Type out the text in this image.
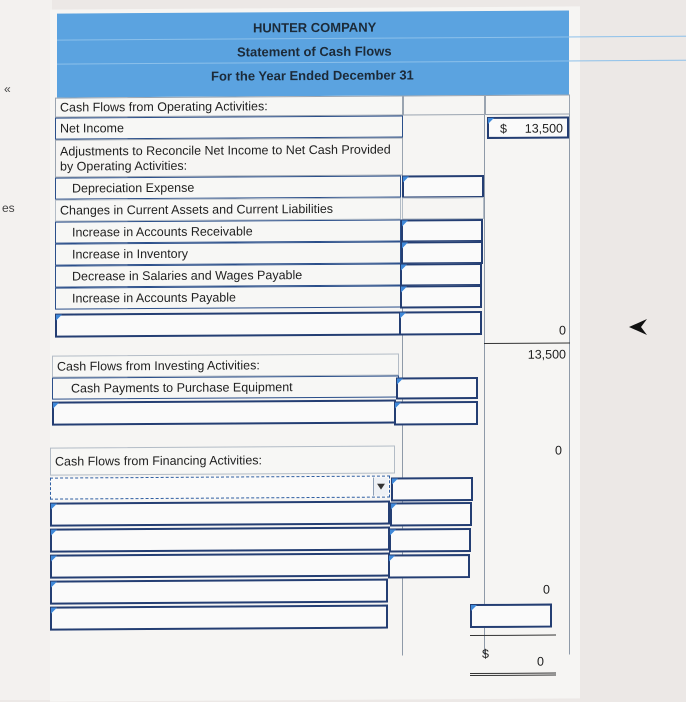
«
es
HUNTER COMPANY
Statement of Cash Flows
For the Year Ended December 31
Cash Flows from Operating Activities:
Net Income	$ 13,500
Adjustments to Reconcile Net Income to Net Cash Provided
by Operating Activities:
Depreciation Expense
Changes in Current Assets and Current Liabilities
Increase in Accounts Receivable
Increase in Inventory
Decrease in Salaries and Wages Payable
Increase in Accounts Payable
0
13,500
Cash Flows from Investing Activities:
Cash Payments to Purchase Equipment
0
Cash Flows from Financing Activities:
0
$
0
